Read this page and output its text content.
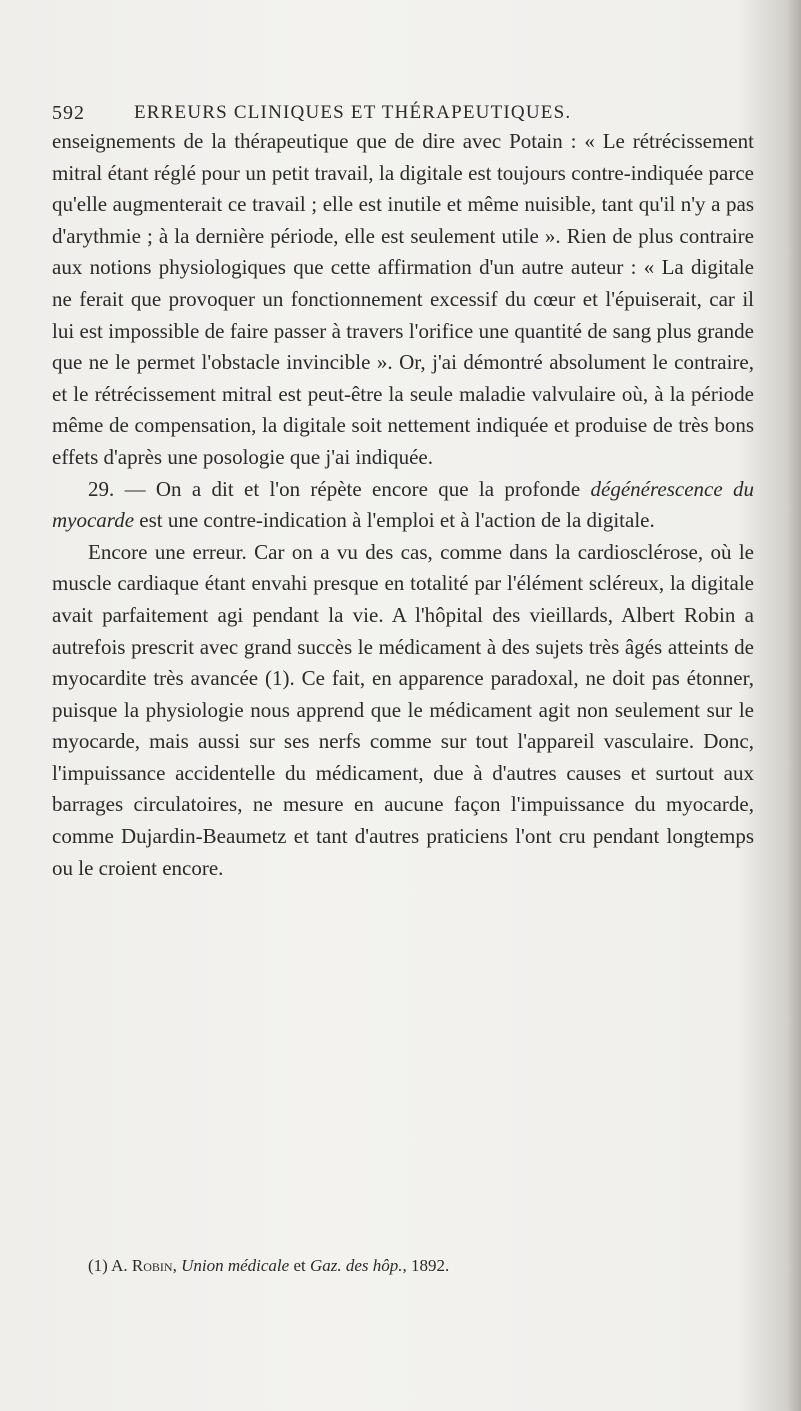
592	ERREURS CLINIQUES ET THÉRAPEUTIQUES.

enseignements de la thérapeutique que de dire avec Potain : « Le rétrécissement mitral étant réglé pour un petit travail, la digitale est toujours contre-indiquée parce qu'elle augmenterait ce travail ; elle est inutile et même nuisible, tant qu'il n'y a pas d'arythmie ; à la dernière période, elle est seulement utile ». Rien de plus contraire aux notions physiologiques que cette affirmation d'un autre auteur : « La digitale ne ferait que provoquer un fonctionnement excessif du cœur et l'épuiserait, car il lui est impossible de faire passer à travers l'orifice une quantité de sang plus grande que ne le permet l'obstacle invincible ». Or, j'ai démontré absolument le contraire, et le rétrécissement mitral est peut-être la seule maladie valvulaire où, à la période même de compensation, la digitale soit nettement indiquée et produise de très bons effets d'après une posologie que j'ai indiquée.

29. — On a dit et l'on répète encore que la profonde dégénérescence du myocarde est une contre-indication à l'emploi et à l'action de la digitale.

Encore une erreur. Car on a vu des cas, comme dans la cardiosclérose, où le muscle cardiaque étant envahi presque en totalité par l'élément scléreux, la digitale avait parfaitement agi pendant la vie. A l'hôpital des vieillards, Albert Robin a autrefois prescrit avec grand succès le médicament à des sujets très âgés atteints de myocardite très avancée (1). Ce fait, en apparence paradoxal, ne doit pas étonner, puisque la physiologie nous apprend que le médicament agit non seulement sur le myocarde, mais aussi sur ses nerfs comme sur tout l'appareil vasculaire. Donc, l'impuissance accidentelle du médicament, due à d'autres causes et surtout aux barrages circulatoires, ne mesure en aucune façon l'impuissance du myocarde, comme Dujardin-Beaumetz et tant d'autres praticiens l'ont cru pendant longtemps ou le croient encore.

(1) A. Robin, Union médicale et Gaz. des hôp., 1892.
